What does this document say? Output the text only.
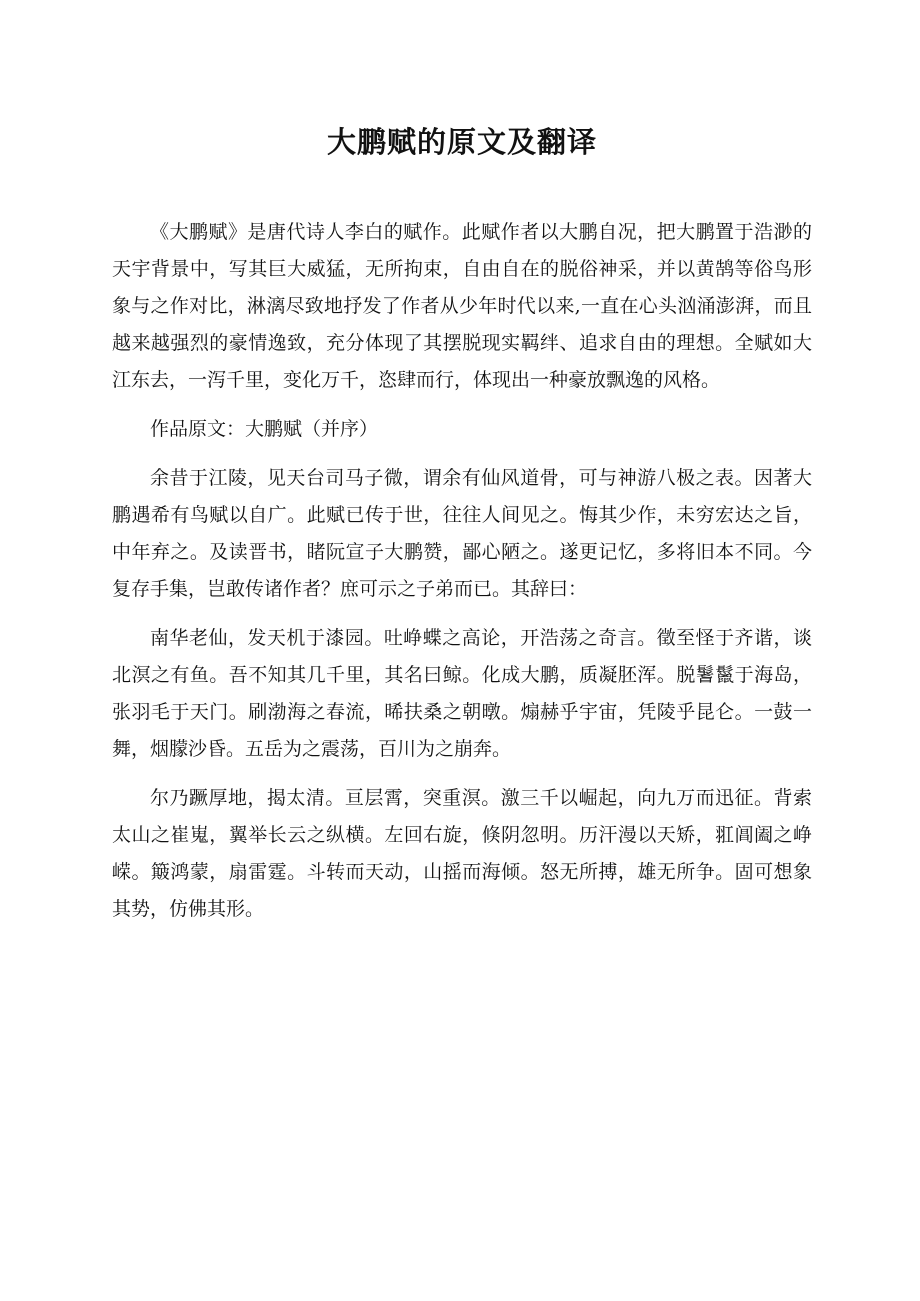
大鹏赋的原文及翻译

《大鹏赋》是唐代诗人李白的赋作。此赋作者以大鹏自况，把大鹏置于浩渺的天宇背景中，写其巨大威猛，无所拘束，自由自在的脱俗神采，并以黄鹄等俗鸟形象与之作对比，淋漓尽致地抒发了作者从少年时代以来,一直在心头汹涌澎湃，而且越来越强烈的豪情逸致，充分体现了其摆脱现实羁绊、追求自由的理想。全赋如大江东去，一泻千里，变化万千，恣肆而行，体现出一种豪放飘逸的风格。

作品原文：大鹏赋（并序）

余昔于江陵，见天台司马子微，谓余有仙风道骨，可与神游八极之表。因著大鹏遇希有鸟赋以自广。此赋已传于世，往往人间见之。悔其少作，未穷宏达之旨，中年弃之。及读晋书，睹阮宣子大鹏赞，鄙心陋之。遂更记忆，多将旧本不同。今复存手集，岂敢传诸作者？庶可示之子弟而已。其辞曰：

南华老仙，发天机于漆园。吐峥蝶之高论，开浩荡之奇言。徵至怪于齐谐，谈北溟之有鱼。吾不知其几千里，其名曰鲸。化成大鹏，质凝胚浑。脱鬐鬣于海岛，张羽毛于天门。刷渤海之春流，晞扶桑之朝暾。煽赫乎宇宙，凭陵乎昆仑。一鼓一舞，烟朦沙昏。五岳为之震荡，百川为之崩奔。

尔乃蹶厚地，揭太清。亘层霄，突重溟。激三千以崛起，向九万而迅征。背索太山之崔嵬，翼举长云之纵横。左回右旋，倏阴忽明。历汗漫以天矫，羾阊阖之峥嵘。簸鸿蒙，扇雷霆。斗转而天动，山摇而海倾。怒无所搏，雄无所争。固可想象其势，仿佛其形。
